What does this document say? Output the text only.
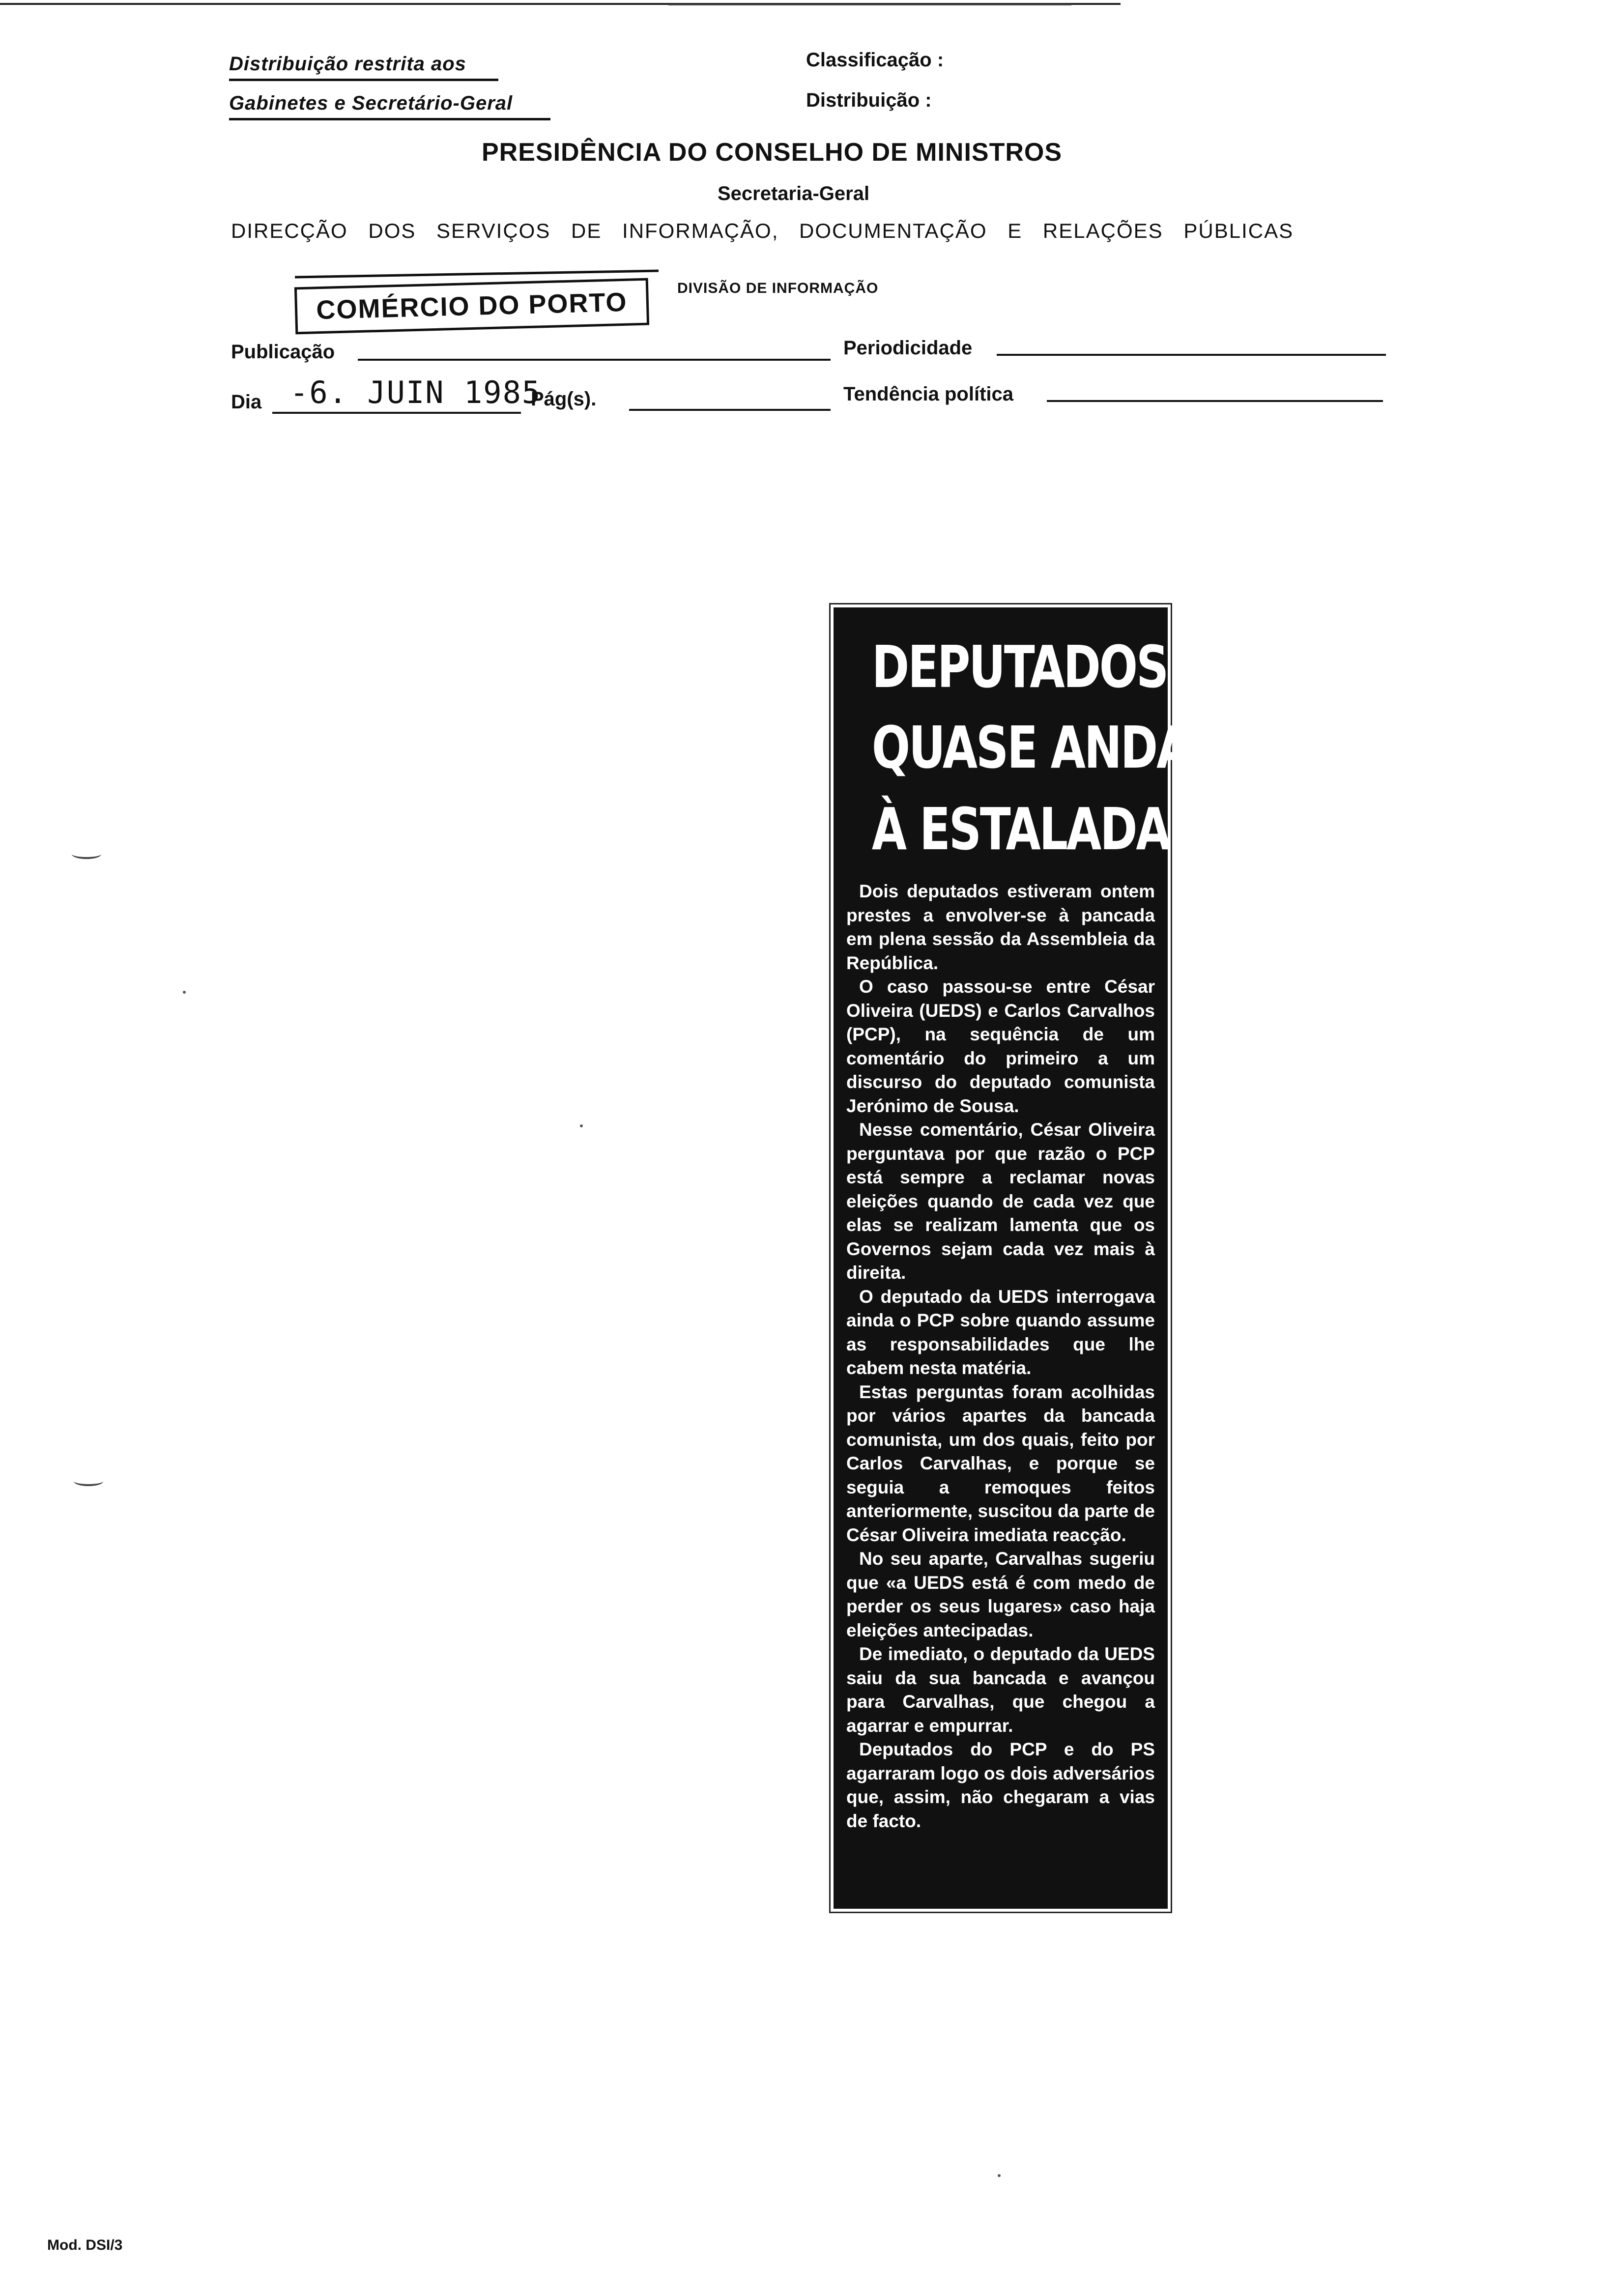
Distribuição restrita aos
Gabinetes e Secretário-Geral
Classificação :
Distribuição :
PRESIDÊNCIA DO CONSELHO DE MINISTROS
Secretaria-Geral
DIRECÇÃO DOS SERVIÇOS DE INFORMAÇÃO, DOCUMENTAÇÃO E RELAÇÕES PÚBLICAS
COMÉRCIO DO PORTO	DIVISÃO DE INFORMAÇÃO
Publicação	Periodicidade
Dia -6. JUIN 1985
Pág(s).	Tendência política
DEPUTADOS
QUASE ANDARAM
À ESTALADA

Dois deputados estiveram ontem prestes a envolver-se à pancada em plena sessão da Assembleia da República.

O caso passou-se entre César Oliveira (UEDS) e Carlos Carvalhos (PCP), na sequência de um comentário do primeiro a um discurso do deputado comunista Jerónimo de Sousa.

Nesse comentário, César Oliveira perguntava por que razão o PCP está sempre a reclamar novas eleições quando de cada vez que elas se realizam lamenta que os Governos sejam cada vez mais à direita.

O deputado da UEDS interrogava ainda o PCP sobre quando assume as responsabilidades que lhe cabem nesta matéria.

Estas perguntas foram acolhidas por vários apartes da bancada comunista, um dos quais, feito por Carlos Carvalhas, e porque se seguia a remoques feitos anteriormente, suscitou da parte de César Oliveira imediata reacção.

No seu aparte, Carvalhas sugeriu que «a UEDS está é com medo de perder os seus lugares» caso haja eleições antecipadas.

De imediato, o deputado da UEDS saiu da sua bancada e avançou para Carvalhas, que chegou a agarrar e empurrar.

Deputados do PCP e do PS agarraram logo os dois adversários que, assim, não chegaram a vias de facto.

Mod. DSI/3
